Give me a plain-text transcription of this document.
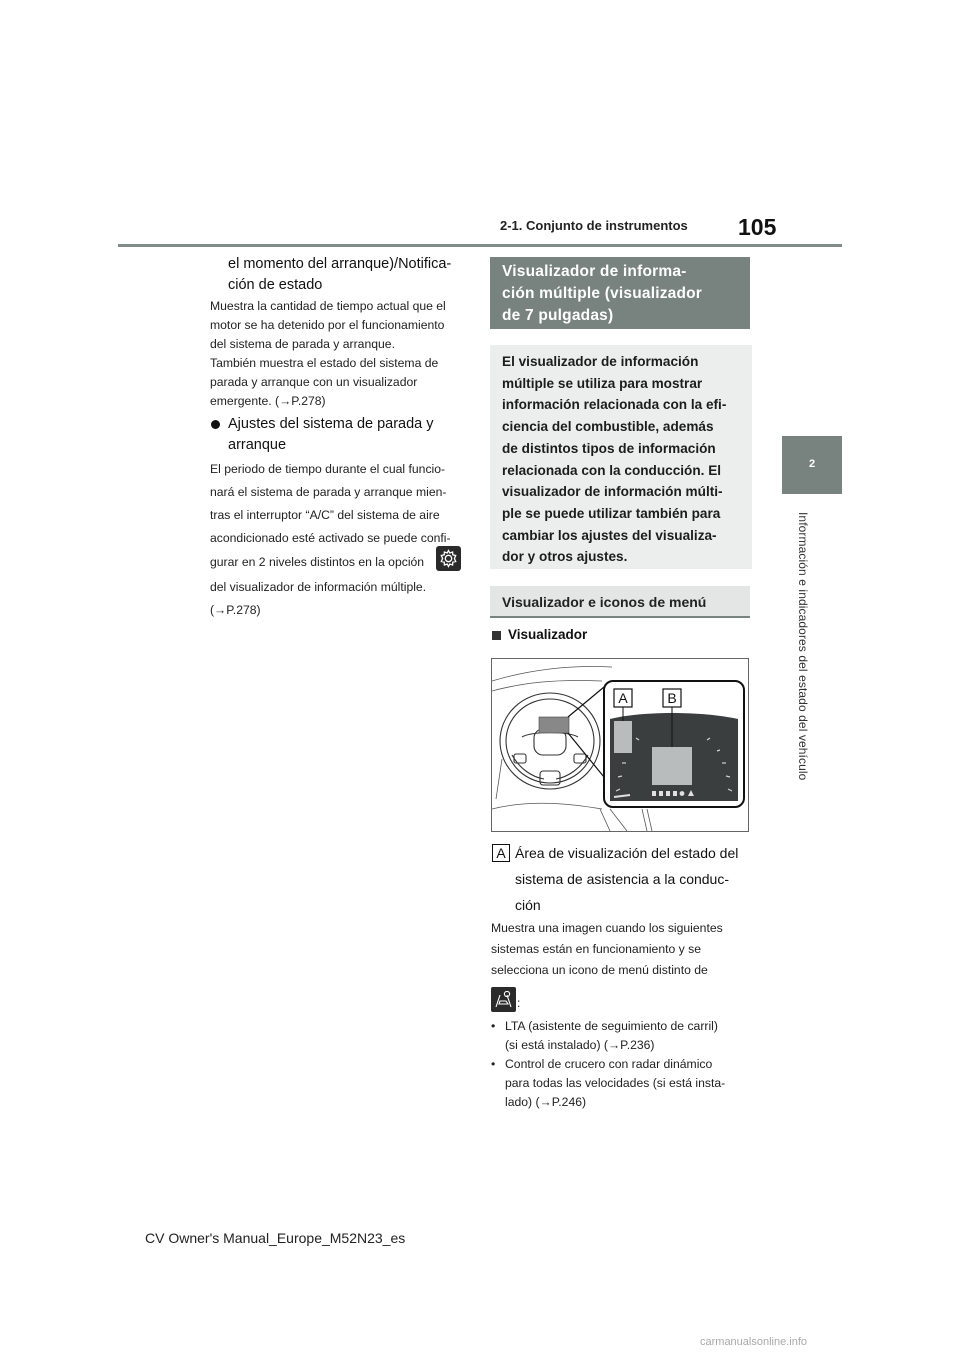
2-1. Conjunto de instrumentos 105
2
Información e indicadores del estado del vehículo
el momento del arranque)/Notifica-
ción de estado
Muestra la cantidad de tiempo actual que el
motor se ha detenido por el funcionamiento
del sistema de parada y arranque.
También muestra el estado del sistema de
parada y arranque con un visualizador
emergente. (→P.278)
Ajustes del sistema de parada y
arranque
El periodo de tiempo durante el cual funcio-
nará el sistema de parada y arranque mien-
tras el interruptor “A/C” del sistema de aire
acondicionado esté activado se puede confi-
gurar en 2 niveles distintos en la opción
del visualizador de información múltiple.
(→P.278)
Visualizador de informa-
ción múltiple (visualizador
de 7 pulgadas)
El visualizador de información
múltiple se utiliza para mostrar
información relacionada con la efi-
ciencia del combustible, además
de distintos tipos de información
relacionada con la conducción. El
visualizador de información múlti-
ple se puede utilizar también para
cambiar los ajustes del visualiza-
dor y otros ajustes.
Visualizador e iconos de menú
Visualizador
A	B
A Área de visualización del estado del
sistema de asistencia a la conduc-
ción
Muestra una imagen cuando los siguientes
sistemas están en funcionamiento y se
selecciona un icono de menú distinto de
:
• LTA (asistente de seguimiento de carril)
(si está instalado) (→P.236)
• Control de crucero con radar dinámico
para todas las velocidades (si está insta-
lado) (→P.246)
CV Owner's Manual_Europe_M52N23_es
carmanualsonline.info
